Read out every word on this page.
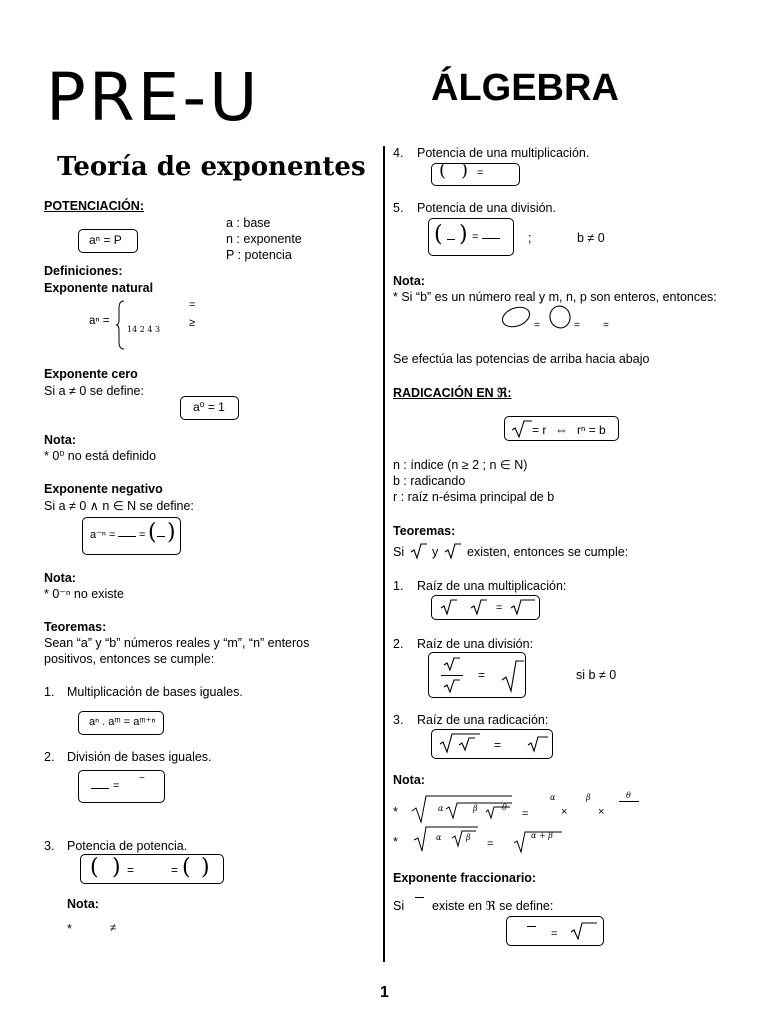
PRE-U	ÁLGEBRA
Teoría de exponentes
POTENCIACIÓN:
aⁿ = P
a : base
n : exponente
P : potencia
Definiciones:
Exponente natural
aⁿ =
14 2 4 3
=
≥
Exponente cero
Si a ≠ 0 se define:
a⁰ = 1
Nota:
* 0⁰ no está definido
Exponente negativo
Si a ≠ 0 ∧ n ∈ N se define:
a⁻ⁿ = = ( )
Nota:
* 0⁻ⁿ no existe
Teoremas:
Sean “a” y “b” números reales y “m”, “n” enteros
positivos, entonces se cumple:
1. Multiplicación de bases iguales.
aⁿ . aᵐ = aᵐ⁺ⁿ
2. División de bases iguales.
=
−
3. Potencia de potencia.
( ) =	= ( )
Nota:
*	≠
4. Potencia de una multiplicación.
( ) =
5. Potencia de una división.
( ) =	;	b ≠ 0
Nota:
* Si “b” es un número real y m, n, p son enteros, entonces:
=	= =
Se efectúa las potencias de arriba hacia abajo
RADICACIÓN EN ℜ:
= r ⇔ rⁿ = b
n : índice (n ≥ 2 ; n ∈ N)
b : radicando
r : raíz n-ésima principal de b
Teoremas:
Si y existen, entonces se cumple:
1. Raíz de una multiplicación:
=
2. Raíz de una división:
=	si b ≠ 0
3. Raíz de una radicación:
=
Nota:
*	α	β	θ
=
α
×
β
×
θ
*	α	β
=
α + β
Exponente fraccionario:
Si existe en ℜ se define:
=
1
